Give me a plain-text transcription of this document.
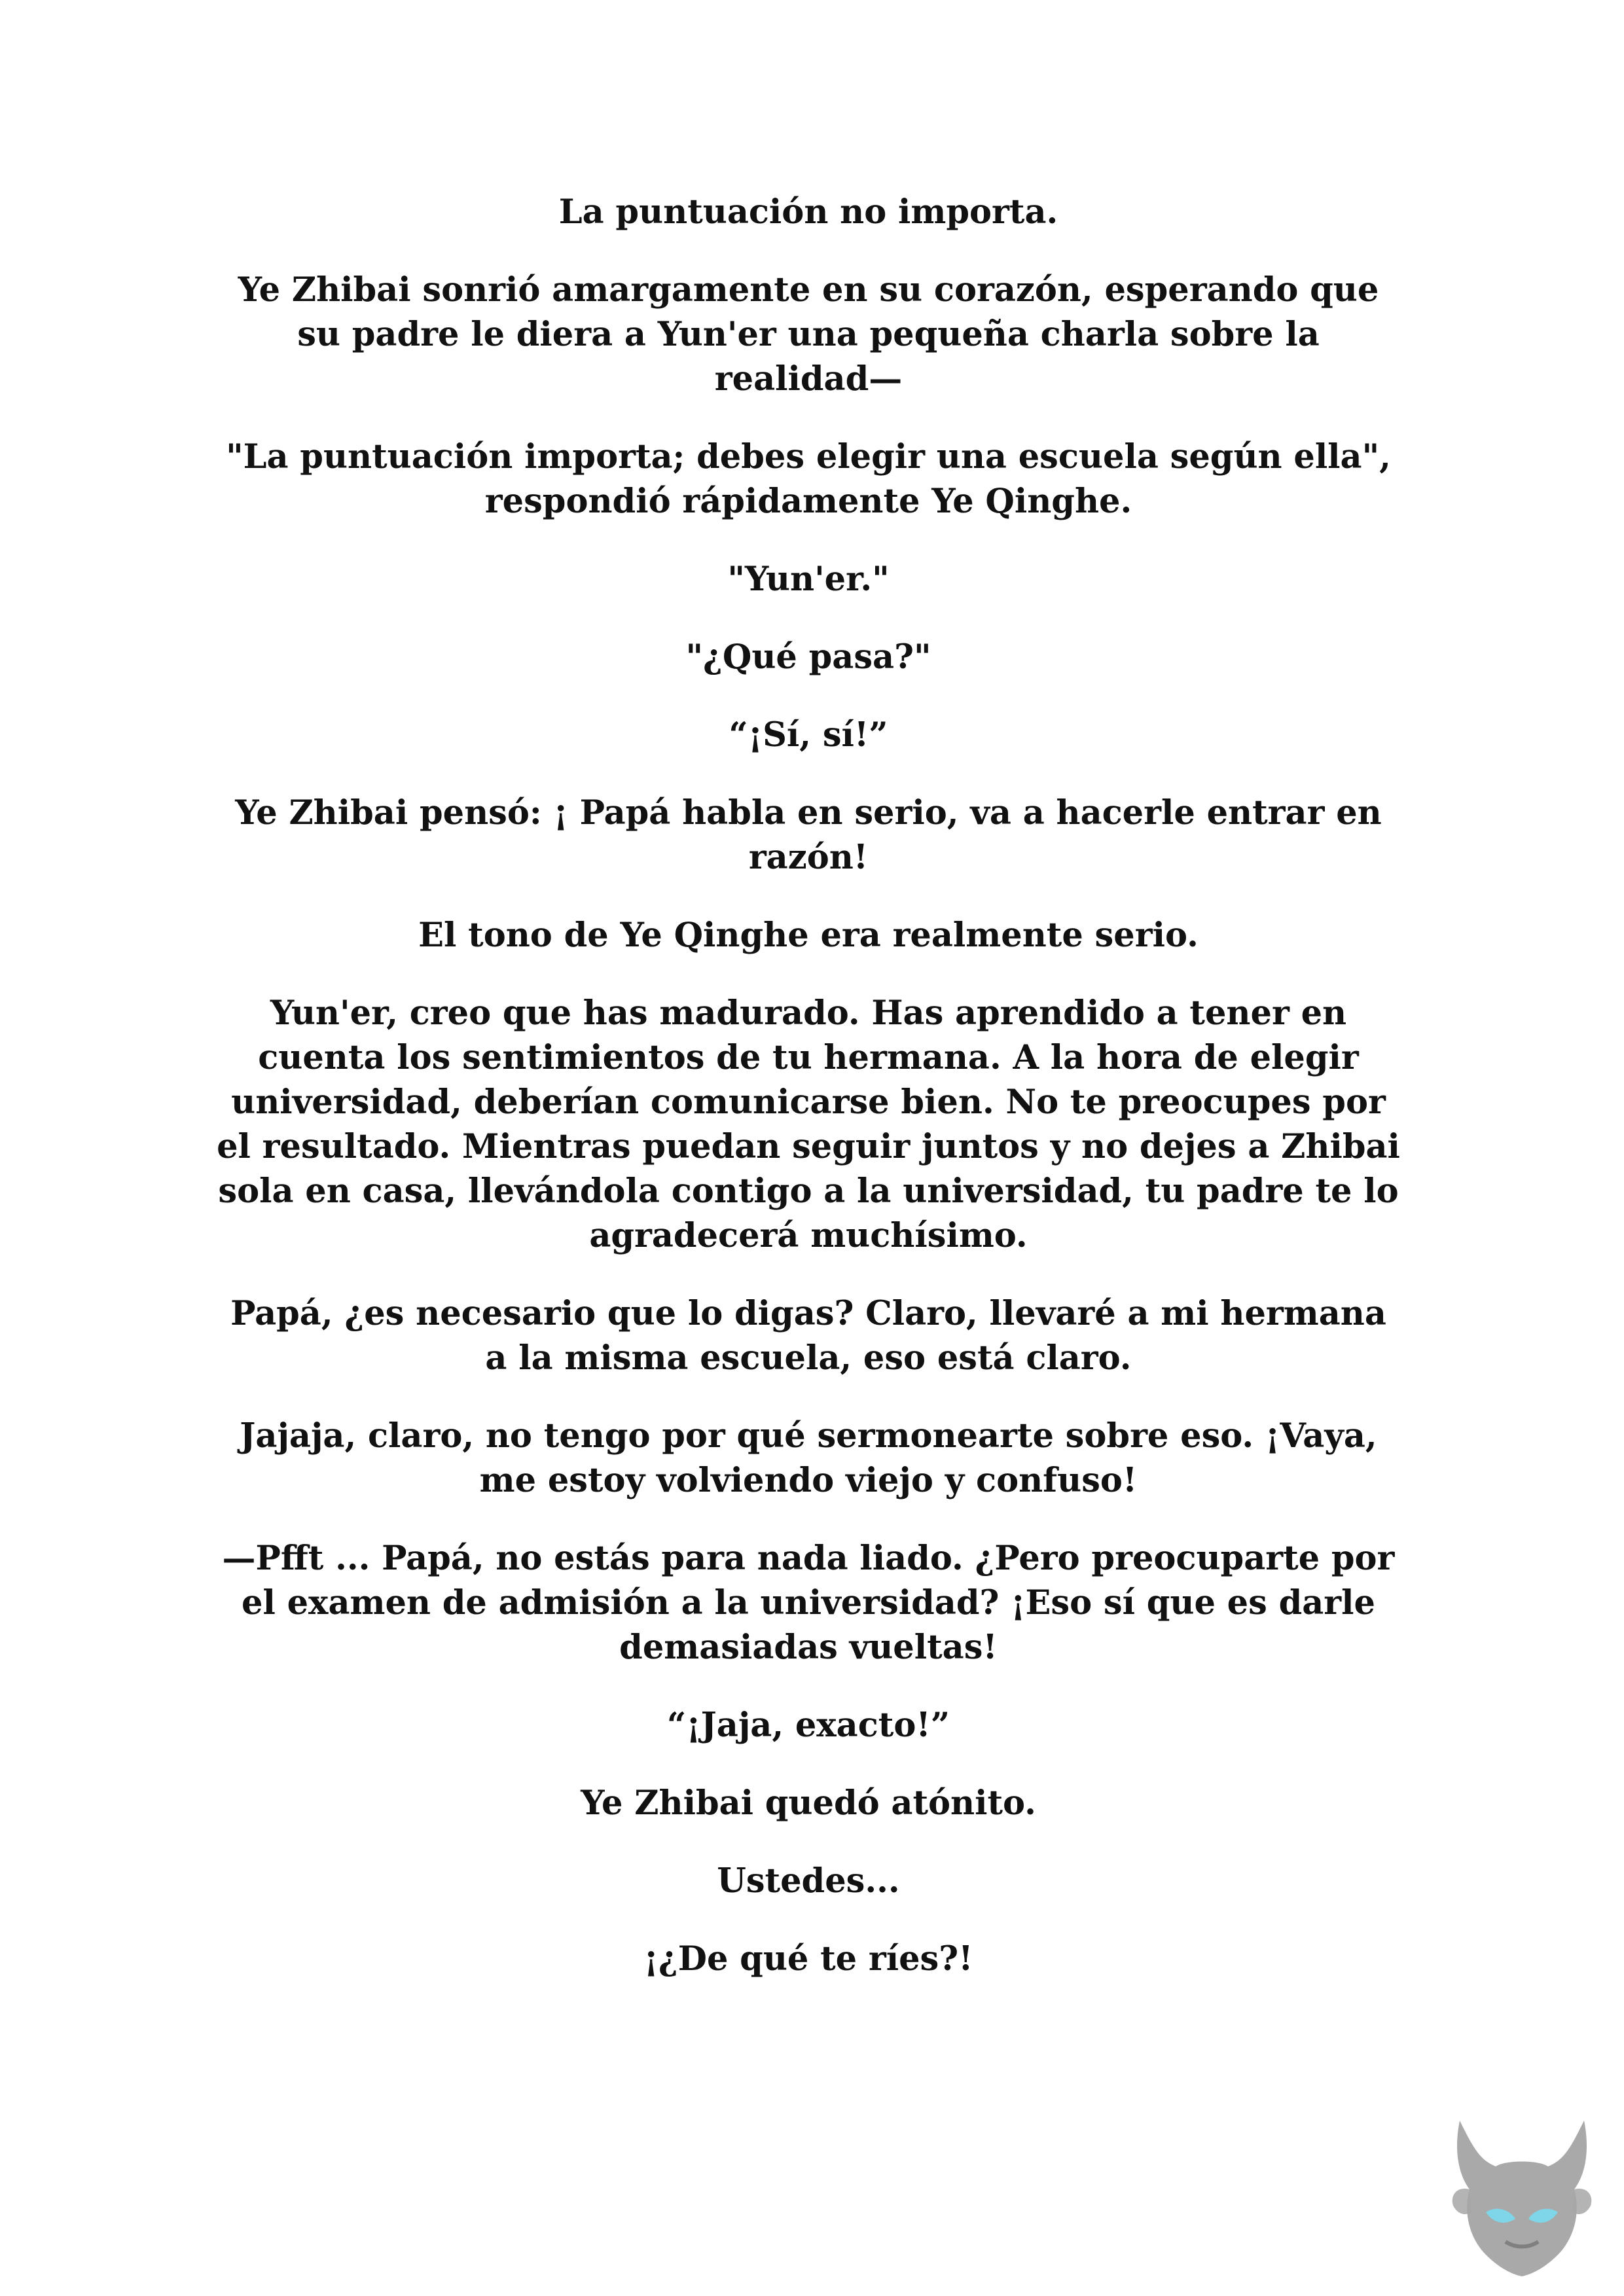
La puntuación no importa.

Ye Zhibai sonrió amargamente en su corazón, esperando que su padre le diera a Yun'er una pequeña charla sobre la realidad—

"La puntuación importa; debes elegir una escuela según ella", respondió rápidamente Ye Qinghe.

"Yun'er."

"¿Qué pasa?"

“¡Sí, sí!”

Ye Zhibai pensó: ¡ Papá habla en serio, va a hacerle entrar en razón!

El tono de Ye Qinghe era realmente serio.

Yun'er, creo que has madurado. Has aprendido a tener en cuenta los sentimientos de tu hermana. A la hora de elegir universidad, deberían comunicarse bien. No te preocupes por el resultado. Mientras puedan seguir juntos y no dejes a Zhibai sola en casa, llevándola contigo a la universidad, tu padre te lo agradecerá muchísimo.

Papá, ¿es necesario que lo digas? Claro, llevaré a mi hermana a la misma escuela, eso está claro.

Jajaja, claro, no tengo por qué sermonearte sobre eso. ¡Vaya, me estoy volviendo viejo y confuso!

—Pfft ... Papá, no estás para nada liado. ¿Pero preocuparte por el examen de admisión a la universidad? ¡Eso sí que es darle demasiadas vueltas!

“¡Jaja, exacto!”

Ye Zhibai quedó atónito.

Ustedes...

¡¿De qué te ríes?!
